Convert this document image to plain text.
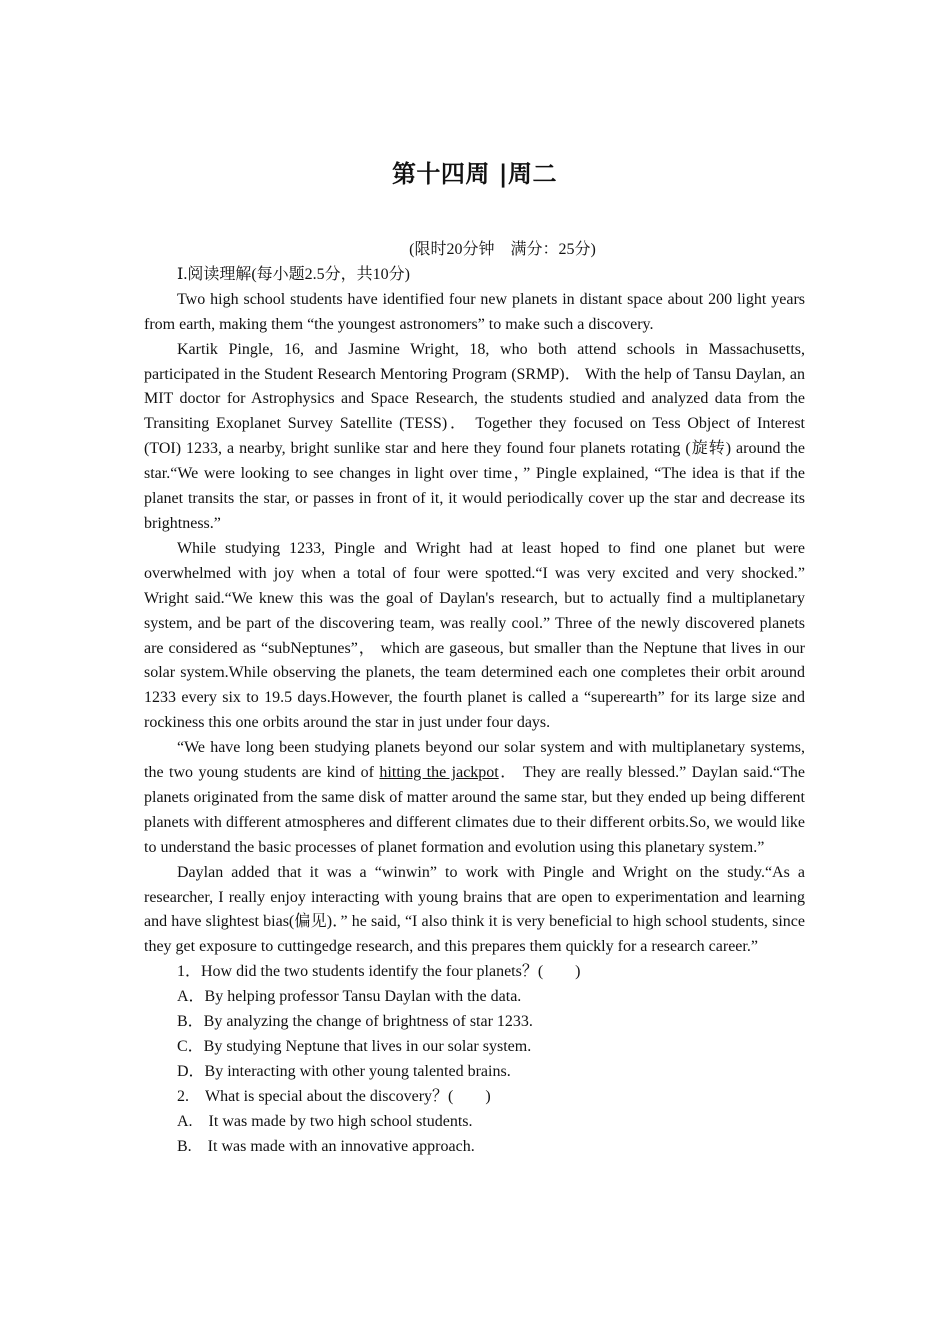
第十四周 |周二
(限时20分钟　满分：25分)
Ⅰ.阅读理解(每小题2.5分，共10分)

Two high school students have identified four new planets in distant space about 200 light years from earth, making them “the youngest astronomers” to make such a discovery.

Kartik Pingle, 16, and Jasmine Wright, 18, who both attend schools in Massachusetts, participated in the Student Research Mentoring Program (SRMP)． With the help of Tansu Daylan, an MIT doctor for Astrophysics and Space Research, the students studied and analyzed data from the Transiting Exoplanet Survey Satellite (TESS)． Together they focused on Tess Object of Interest (TOI) 1233, a nearby, bright sunlike star and here they found four planets rotating (旋转) around the star.“We were looking to see changes in light over time，” Pingle explained, “The idea is that if the planet transits the star, or passes in front of it, it would periodically cover up the star and decrease its brightness.”

While studying 1233, Pingle and Wright had at least hoped to find one planet but were overwhelmed with joy when a total of four were spotted.“I was very excited and very shocked.” Wright said.“We knew this was the goal of Daylan's research, but to actually find a multiplanetary system, and be part of the discovering team, was really cool.” Three of the newly discovered planets are considered as “subNeptunes”， which are gaseous, but smaller than the Neptune that lives in our solar system.While observing the planets, the team determined each one completes their orbit around 1233 every six to 19.5 days.However, the fourth planet is called a “superearth” for its large size and rockiness this one orbits around the star in just under four days.

“We have long been studying planets beyond our solar system and with multiplanetary systems, the two young students are kind of hitting the jackpot． They are really blessed.” Daylan said.“The planets originated from the same disk of matter around the same star, but they ended up being different planets with different atmospheres and different climates due to their different orbits.So, we would like to understand the basic processes of planet formation and evolution using this planetary system.”

Daylan added that it was a “winwin” to work with Pingle and Wright on the study.“As a researcher, I really enjoy interacting with young brains that are open to experimentation and learning and have slightest bias(偏见)．” he said, “I also think it is very beneficial to high school students, since they get exposure to cuttingedge research, and this prepares them quickly for a research career.”

1．How did the two students identify the four planets？(　　)
A．By helping professor Tansu Daylan with the data.
B．By analyzing the change of brightness of star 1233.
C．By studying Neptune that lives in our solar system.
D．By interacting with other young talented brains.
2.　What is special about the discovery？(　　)
A.　It was made by two high school students.
B.　It was made with an innovative approach.
